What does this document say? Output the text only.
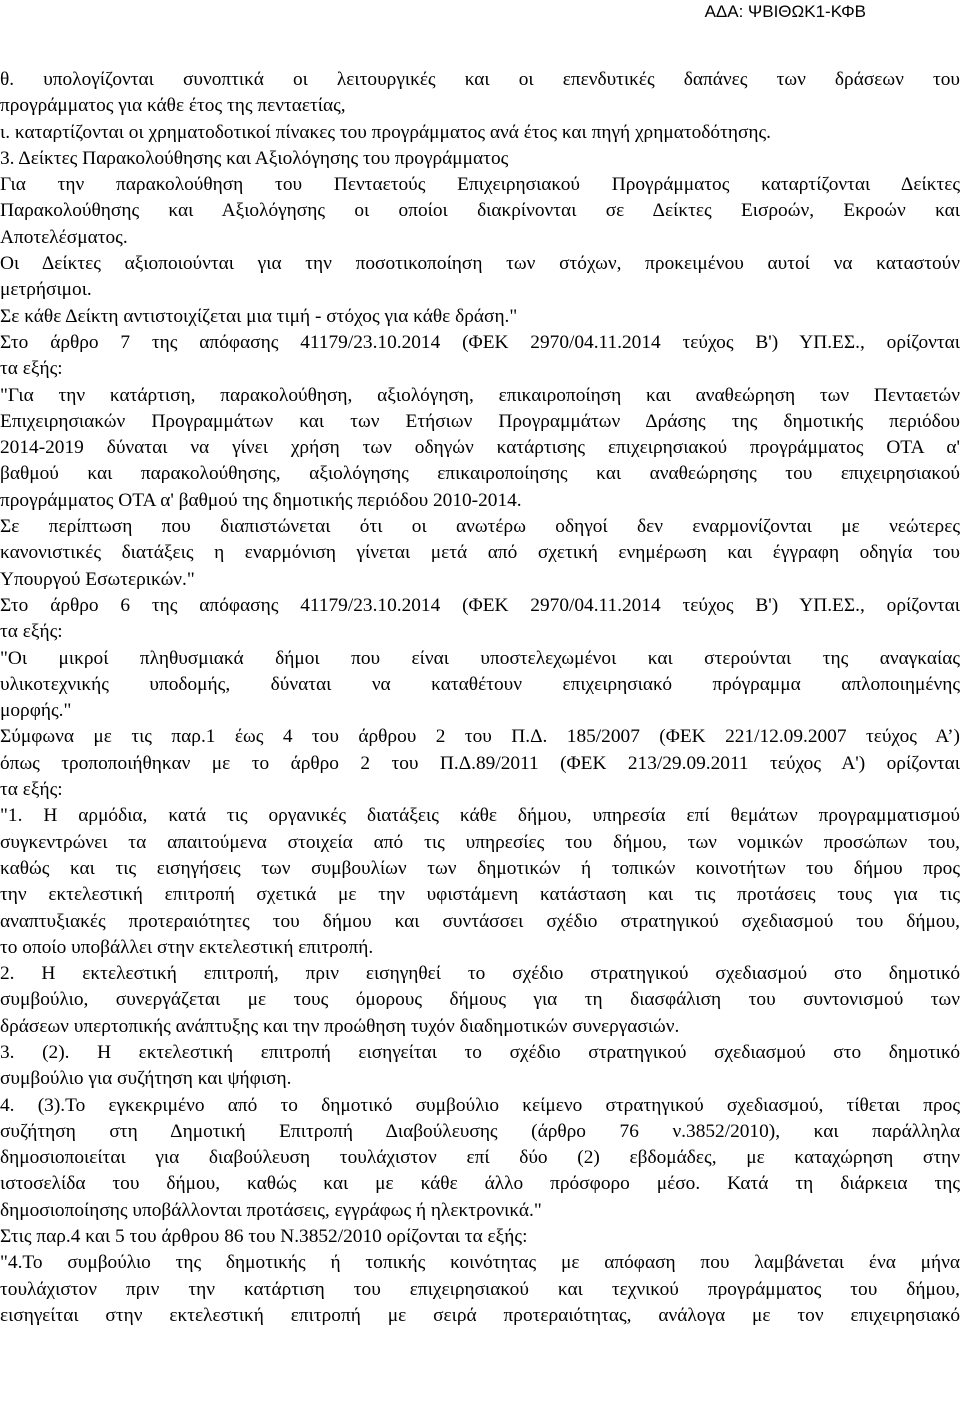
ΑΔΑ: ΨΒΙΘΩΚ1-ΚΦΒ
θ. υπολογίζονται συνοπτικά οι λειτουργικές και οι επενδυτικές δαπάνες των δράσεων του
προγράμματος για κάθε έτος της πενταετίας,
ι. καταρτίζονται οι χρηματοδοτικοί πίνακες του προγράμματος ανά έτος και πηγή χρηματοδότησης.
3. Δείκτες Παρακολούθησης και Αξιολόγησης του προγράμματος
Για την παρακολούθηση του Πενταετούς Επιχειρησιακού Προγράμματος καταρτίζονται Δείκτες
Παρακολούθησης και Αξιολόγησης οι οποίοι διακρίνονται σε Δείκτες Εισροών, Εκροών και
Αποτελέσματος.
Οι Δείκτες αξιοποιούνται για την ποσοτικοποίηση των στόχων, προκειμένου αυτοί να καταστούν
μετρήσιμοι.
Σε κάθε Δείκτη αντιστοιχίζεται μια τιμή - στόχος για κάθε δράση."
Στο άρθρο 7 της απόφασης 41179/23.10.2014 (ΦΕΚ 2970/04.11.2014 τεύχος Β') ΥΠ.ΕΣ., ορίζονται
τα εξής:
"Για την κατάρτιση, παρακολούθηση, αξιολόγηση, επικαιροποίηση και αναθεώρηση των Πενταετών
Επιχειρησιακών Προγραμμάτων και των Ετήσιων Προγραμμάτων Δράσης της δημοτικής περιόδου
2014-2019 δύναται να γίνει χρήση των οδηγών κατάρτισης επιχειρησιακού προγράμματος ΟΤΑ α'
βαθμού και παρακολούθησης, αξιολόγησης επικαιροποίησης και αναθεώρησης του επιχειρησιακού
προγράμματος ΟΤΑ α' βαθμού της δημοτικής περιόδου 2010-2014.
Σε περίπτωση που διαπιστώνεται ότι οι ανωτέρω οδηγοί δεν εναρμονίζονται με νεώτερες
κανονιστικές διατάξεις η εναρμόνιση γίνεται μετά από σχετική ενημέρωση και έγγραφη οδηγία του
Υπουργού Εσωτερικών."
Στο άρθρο 6 της απόφασης 41179/23.10.2014 (ΦΕΚ 2970/04.11.2014 τεύχος Β') ΥΠ.ΕΣ., ορίζονται
τα εξής:
"Οι μικροί πληθυσμιακά δήμοι που είναι υποστελεχωμένοι και στερούνται της αναγκαίας
υλικοτεχνικής υποδομής, δύναται να καταθέτουν επιχειρησιακό πρόγραμμα απλοποιημένης
μορφής."
Σύμφωνα με τις παρ.1 έως 4 του άρθρου 2 του Π.Δ. 185/2007 (ΦΕΚ 221/12.09.2007 τεύχος Α’)
όπως τροποποιήθηκαν με το άρθρο 2 του Π.Δ.89/2011 (ΦΕΚ 213/29.09.2011 τεύχος Α') ορίζονται
τα εξής:
"1. Η αρμόδια, κατά τις οργανικές διατάξεις κάθε δήμου, υπηρεσία επί θεμάτων προγραμματισμού
συγκεντρώνει τα απαιτούμενα στοιχεία από τις υπηρεσίες του δήμου, των νομικών προσώπων του,
καθώς και τις εισηγήσεις των συμβουλίων των δημοτικών ή τοπικών κοινοτήτων του δήμου προς
την εκτελεστική επιτροπή σχετικά με την υφιστάμενη κατάσταση και τις προτάσεις τους για τις
αναπτυξιακές προτεραιότητες του δήμου και συντάσσει σχέδιο στρατηγικού σχεδιασμού του δήμου,
το οποίο υποβάλλει στην εκτελεστική επιτροπή.
2. Η εκτελεστική επιτροπή, πριν εισηγηθεί το σχέδιο στρατηγικού σχεδιασμού στο δημοτικό
συμβούλιο, συνεργάζεται με τους όμορους δήμους για τη διασφάλιση του συντονισμού των
δράσεων υπερτοπικής ανάπτυξης και την προώθηση τυχόν διαδημοτικών συνεργασιών.
3. (2). Η εκτελεστική επιτροπή εισηγείται το σχέδιο στρατηγικού σχεδιασμού στο δημοτικό
συμβούλιο για συζήτηση και ψήφιση.
4. (3).Το εγκεκριμένο από το δημοτικό συμβούλιο κείμενο στρατηγικού σχεδιασμού, τίθεται προς
συζήτηση στη Δημοτική Επιτροπή Διαβούλευσης (άρθρο 76 ν.3852/2010), και παράλληλα
δημοσιοποιείται για διαβούλευση τουλάχιστον επί δύο (2) εβδομάδες, με καταχώρηση στην
ιστοσελίδα του δήμου, καθώς και με κάθε άλλο πρόσφορο μέσο. Κατά τη διάρκεια της
δημοσιοποίησης υποβάλλονται προτάσεις, εγγράφως ή ηλεκτρονικά."
Στις παρ.4 και 5 του άρθρου 86 του Ν.3852/2010 ορίζονται τα εξής:
"4.Το συμβούλιο της δημοτικής ή τοπικής κοινότητας με απόφαση που λαμβάνεται ένα μήνα
τουλάχιστον πριν την κατάρτιση του επιχειρησιακού και τεχνικού προγράμματος του δήμου,
εισηγείται στην εκτελεστική επιτροπή με σειρά προτεραιότητας, ανάλογα με τον επιχειρησιακό
